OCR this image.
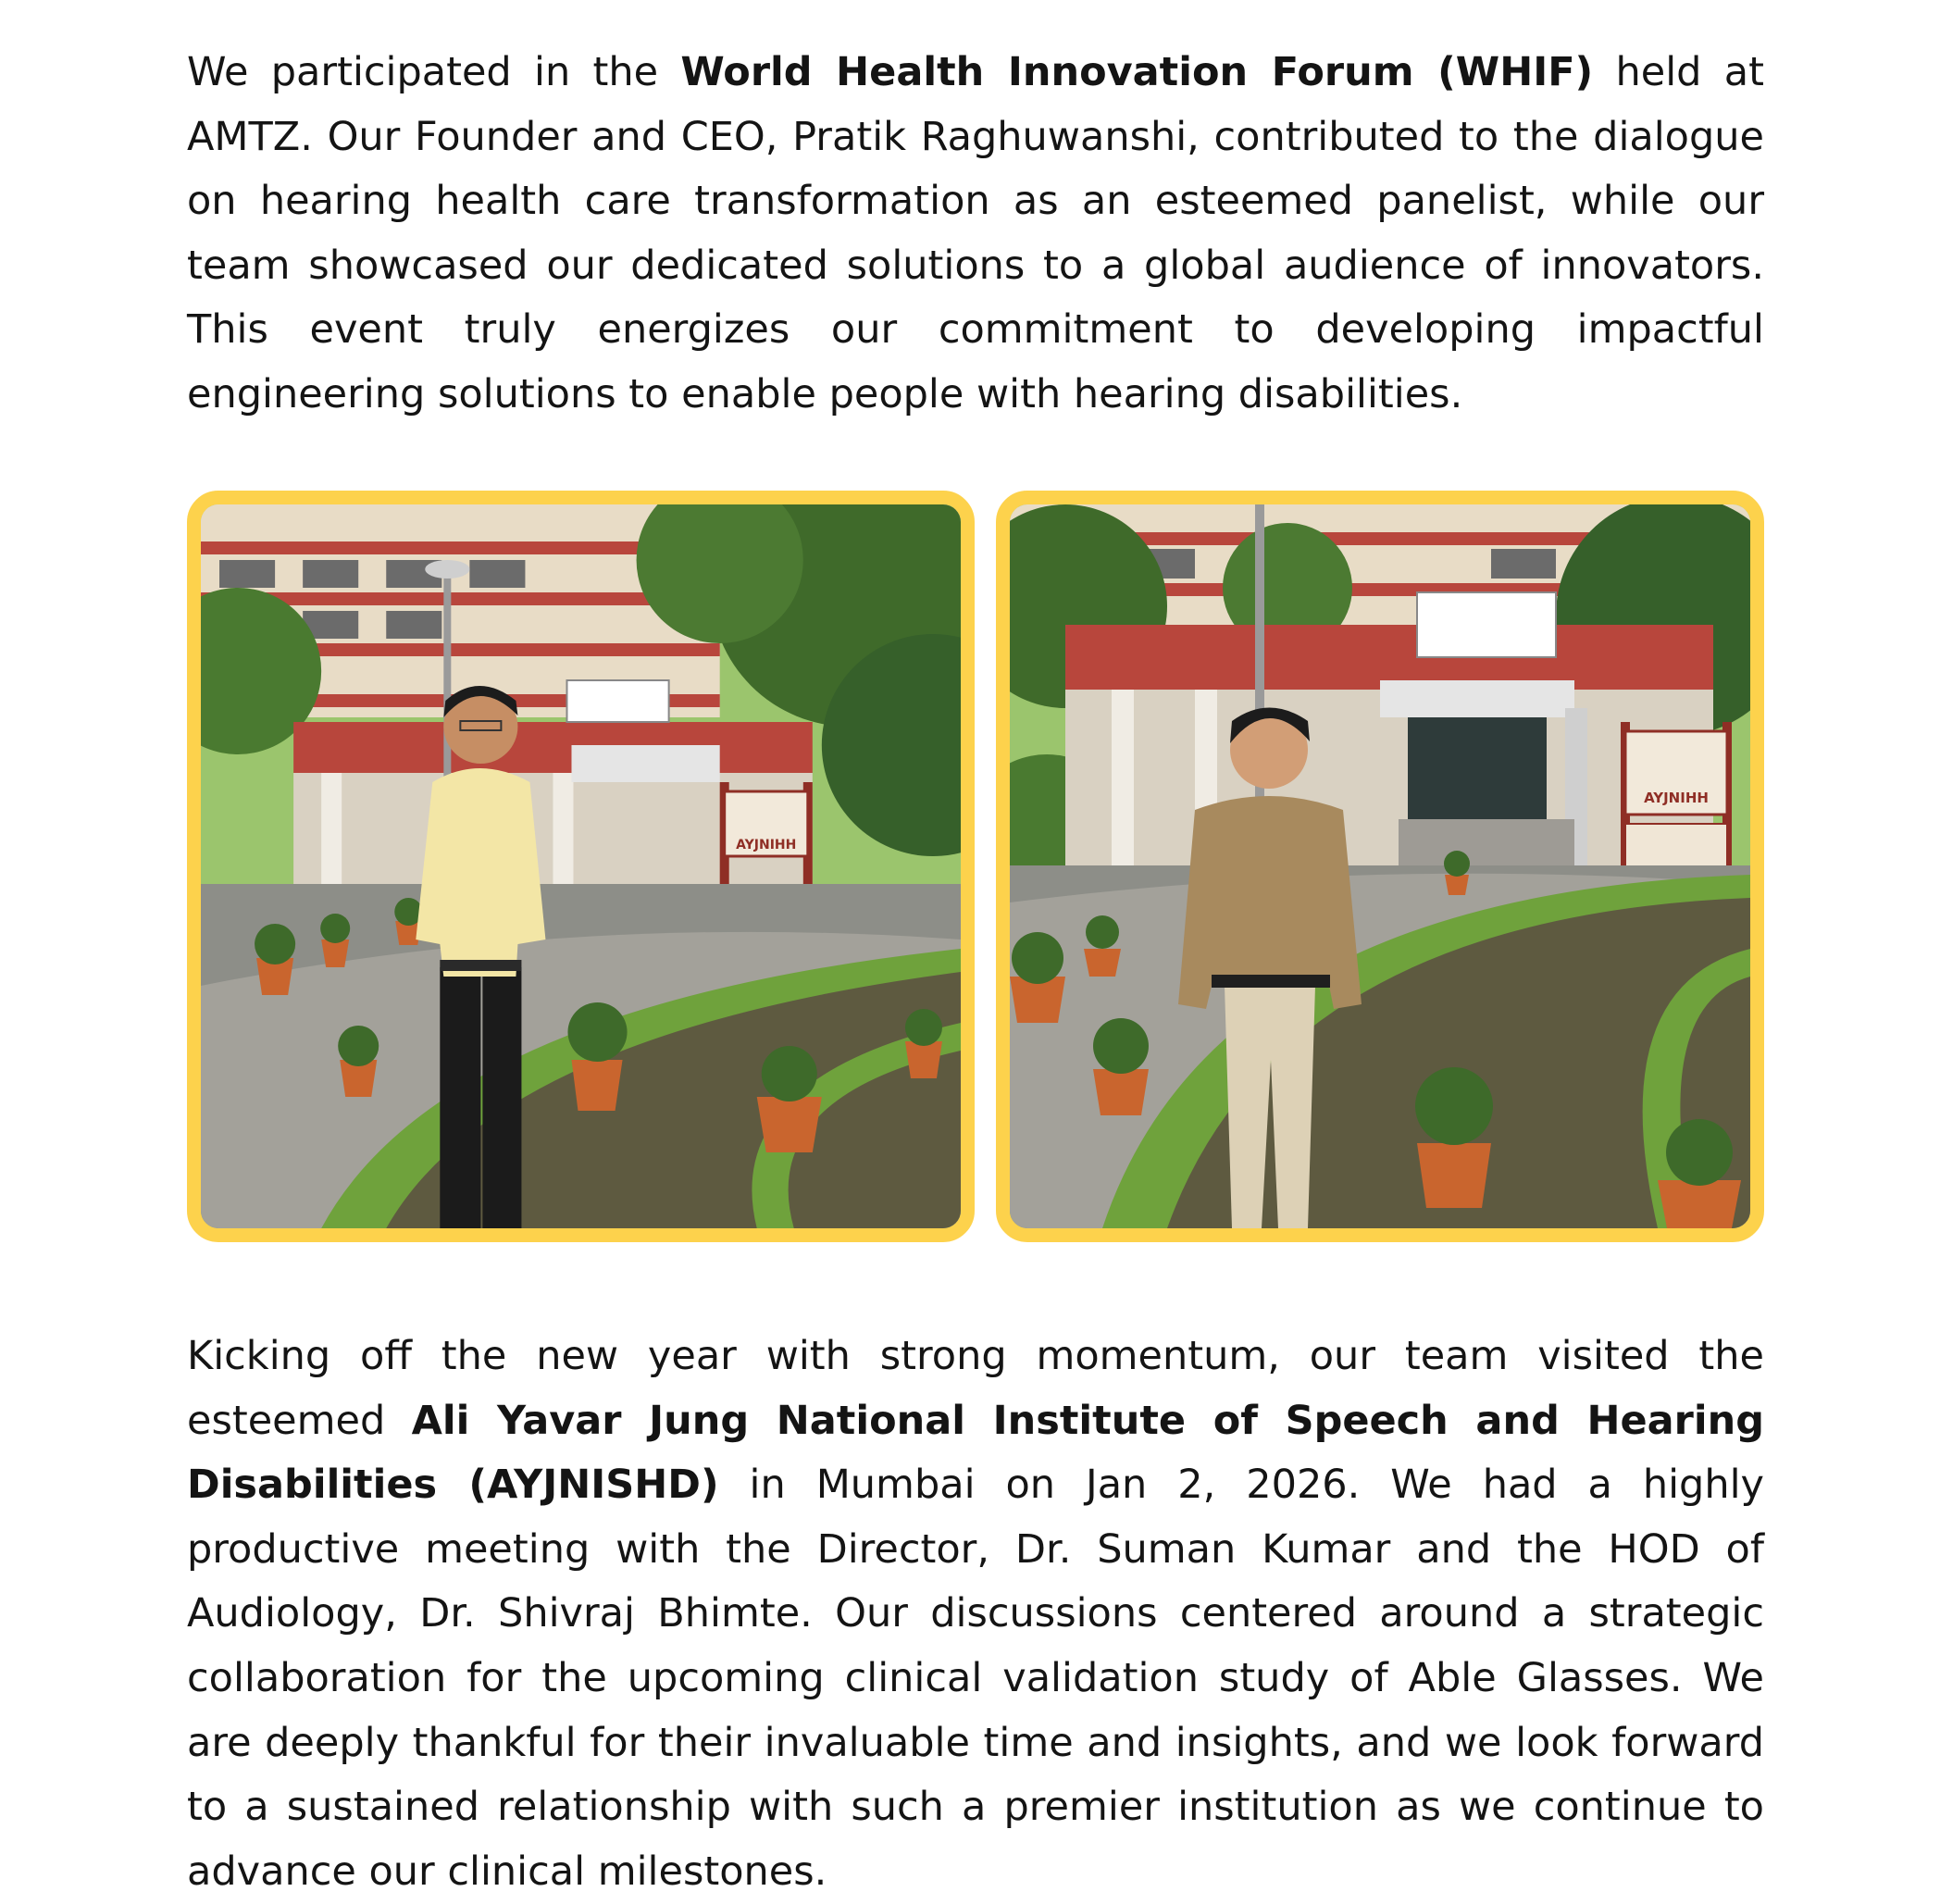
We participated in the World Health Innovation Forum (WHIF) held at AMTZ. Our Founder and CEO, Pratik Raghuwanshi, contributed to the dialogue on hearing health care transformation as an esteemed panelist, while our team showcased our dedicated solutions to a global audience of innovators. This event truly energizes our commitment to developing impactful engineering solutions to enable people with hearing disabilities.

AYJNIHH
AYJNIHH

Kicking off the new year with strong momentum, our team visited the esteemed Ali Yavar Jung National Institute of Speech and Hearing Disabilities (AYJNISHD) in Mumbai on Jan 2, 2026. We had a highly productive meeting with the Director, Dr. Suman Kumar and the HOD of Audiology, Dr. Shivraj Bhimte. Our discussions centered around a strategic collaboration for the upcoming clinical validation study of Able Glasses. We are deeply thankful for their invaluable time and insights, and we look forward to a sustained relationship with such a premier institution as we continue to advance our clinical milestones.
